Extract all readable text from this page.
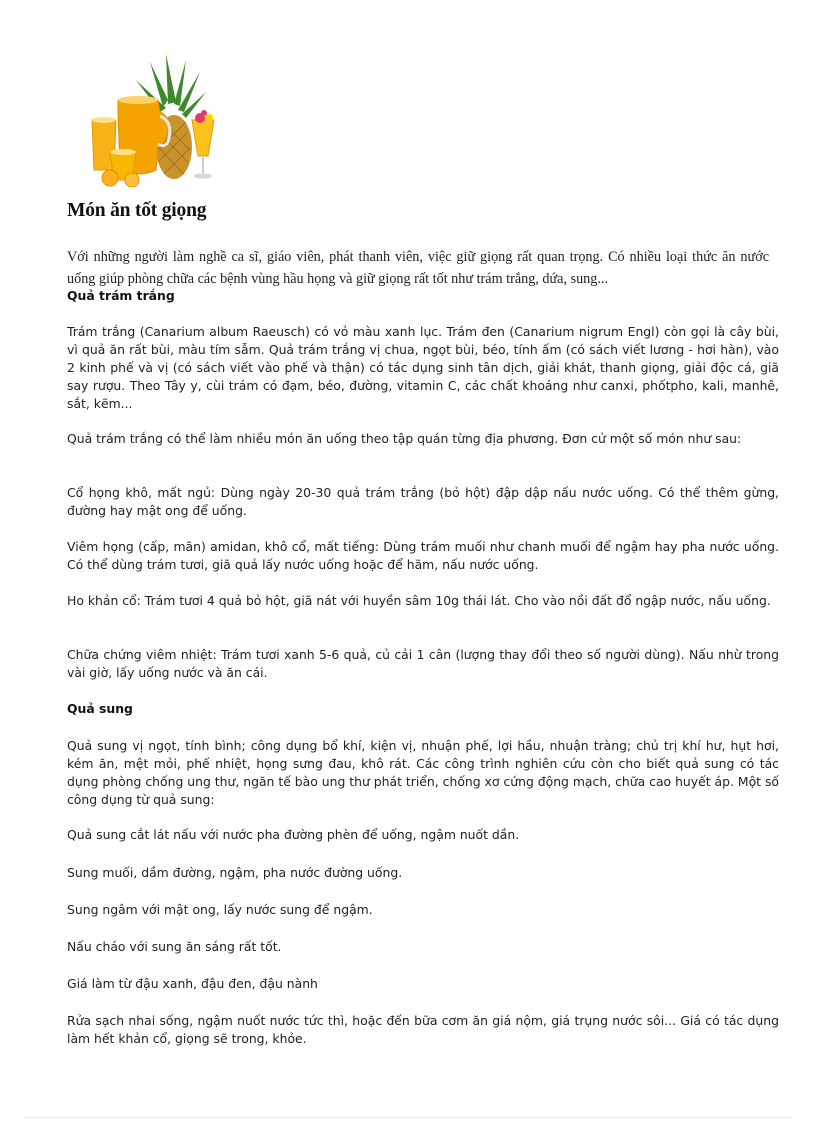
Món ăn tốt giọng

Với những người làm nghề ca sĩ, giáo viên, phát thanh viên, việc giữ giọng rất quan trọng. Có nhiều loại thức ăn nước uống giúp phòng chữa các bệnh vùng hầu họng và giữ giọng rất tốt như trám trắng, dứa, sung...

Quả trám trắng

Trám trắng (Canarium album Raeusch) có vỏ màu xanh lục. Trám đen (Canarium nigrum Engl) còn gọi là cây bùi, vì quả ăn rất bùi, màu tím sẫm. Quả trám trắng vị chua, ngọt bùi, béo, tính ấm (có sách viết lương - hơi hàn), vào 2 kinh phế và vị (có sách viết vào phế và thận) có tác dụng sinh tân dịch, giải khát, thanh giọng, giải độc cá, giã say rượu. Theo Tây y, cùi trám có đạm, béo, đường, vitamin C, các chất khoáng như canxi, phốtpho, kali, manhê, sắt, kẽm...

Quả trám trắng có thể làm nhiều món ăn uống theo tập quán từng địa phương. Đơn cử một số món như sau:

Cổ họng khô, mất ngủ: Dùng ngày 20-30 quả trám trắng (bỏ hột) đập dập nấu nước uống. Có thể thêm gừng, đường hay mật ong để uống.

Viêm họng (cấp, mãn) amidan, khô cổ, mất tiếng: Dùng trám muối như chanh muối để ngậm hay pha nước uống. Có thể dùng trám tươi, giã quả lấy nước uống hoặc để hãm, nấu nước uống.

Ho khản cổ: Trám tươi 4 quả bỏ hột, giã nát với huyền sâm 10g thái lát. Cho vào nồi đất đổ ngập nước, nấu uống.

Chữa chứng viêm nhiệt: Trám tươi xanh 5-6 quả, củ cải 1 cân (lượng thay đổi theo số người dùng). Nấu nhừ trong vài giờ, lấy uống nước và ăn cái.

Quả sung

Quả sung vị ngọt, tính bình; công dụng bổ khí, kiện vị, nhuận phế, lợi hầu, nhuận tràng; chủ trị khí hư, hụt hơi, kém ăn, mệt mỏi, phế nhiệt, họng sưng đau, khô rát. Các công trình nghiên cứu còn cho biết quả sung có tác dụng phòng chống ung thư, ngăn tế bào ung thư phát triển, chống xơ cứng động mạch, chữa cao huyết áp. Một số công dụng từ quả sung:

Quả sung cắt lát nấu với nước pha đường phèn để uống, ngậm nuốt dần.

Sung muối, dầm đường, ngậm, pha nước đường uống.

Sung ngâm với mật ong, lấy nước sung để ngậm.

Nấu cháo với sung ăn sáng rất tốt.

Giá làm từ đậu xanh, đậu đen, đậu nành

Rửa sạch nhai sống, ngậm nuốt nước tức thì, hoặc đến bữa cơm ăn giá nộm, giá trụng nước sôi... Giá có tác dụng làm hết khản cổ, giọng sẽ trong, khỏe.
